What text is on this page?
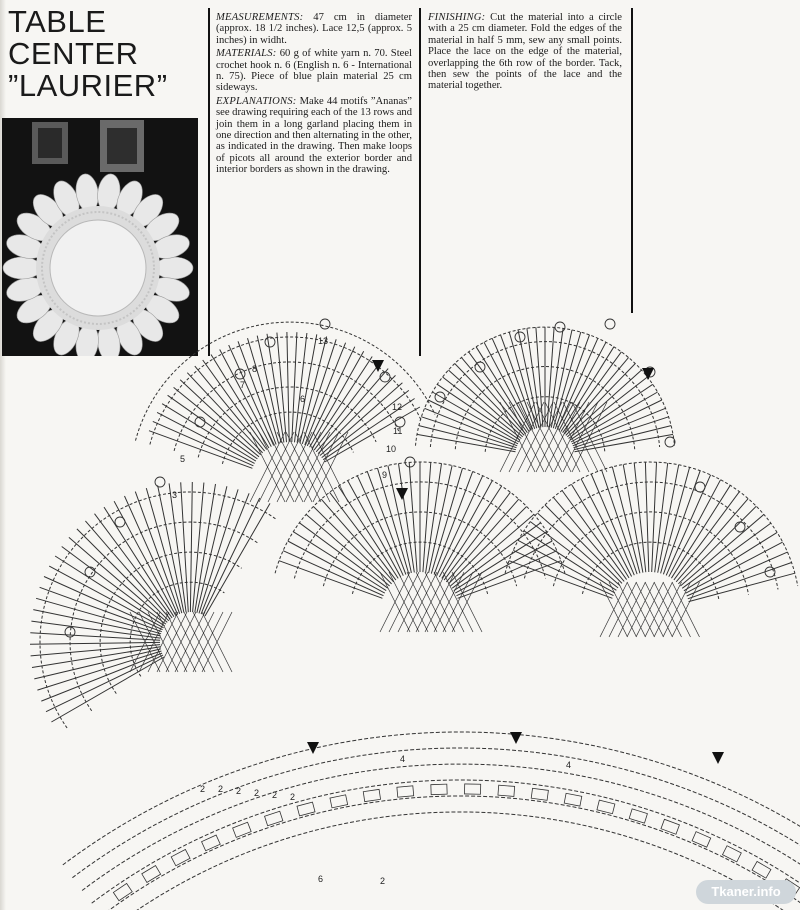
TABLE
CENTER
”LAURIER”

MEASUREMENTS: 47 cm in diameter (approx. 18 1/2 inches). Lace 12,5 (approx. 5 inches) in widht.

MATERIALS: 60 g of white yarn n. 70. Steel crochet hook n. 6 (English n. 6 - International n. 75). Piece of blue plain material 25 cm sideways.

EXPLANATIONS: Make 44 motifs ”Ananas” see drawing requiring each of the 13 rows and join them in a long garland placing them in one direction and then alternating in the other, as indicated in the drawing. Then make loops of picots all around the exterior border and interior borders as shown in the drawing.

FINISHING: Cut the material into a circle with a 25 cm diameter. Fold the edges of the material in half 5 mm, sew any small points. Place the lace on the edge of the material, overlapping the 6th row of the border. Tack, then sew the points of the lace and the material together.

13
12
11
10
9
8
7
6
5
3
2 2 2 2 2 2
4
4
6	2
Tkaner.info
